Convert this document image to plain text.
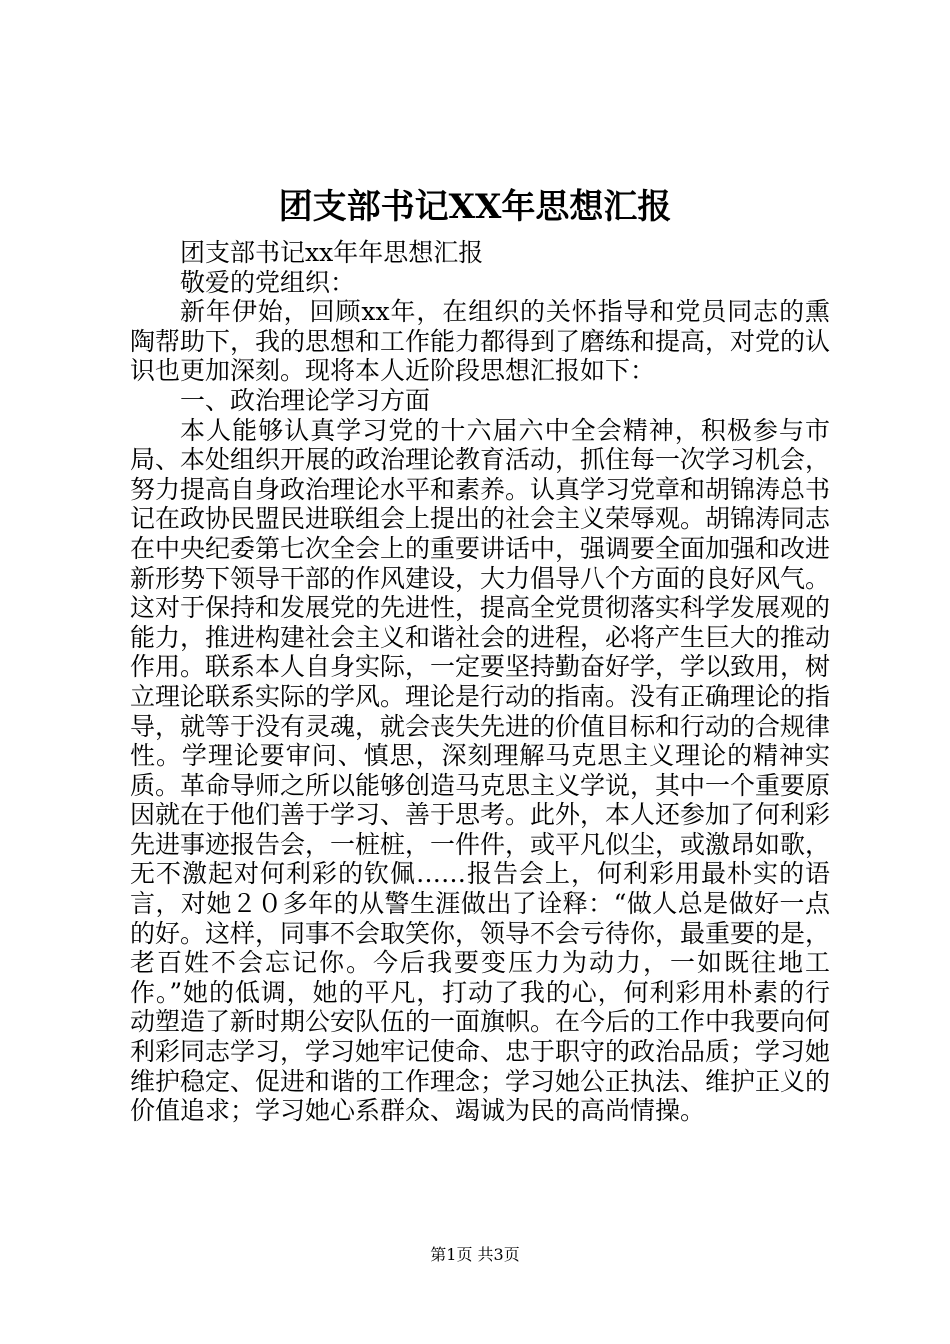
团支部书记XX年思想汇报

团支部书记xx年年思想汇报

敬爱的党组织：

新年伊始，回顾xx年，在组织的关怀指导和党员同志的熏陶帮助下，我的思想和工作能力都得到了磨练和提高，对党的认识也更加深刻。现将本人近阶段思想汇报如下：

一、政治理论学习方面

本人能够认真学习党的十六届六中全会精神，积极参与市局、本处组织开展的政治理论教育活动，抓住每一次学习机会，努力提高自身政治理论水平和素养。认真学习党章和胡锦涛总书记在政协民盟民进联组会上提出的社会主义荣辱观。胡锦涛同志在中央纪委第七次全会上的重要讲话中，强调要全面加强和改进新形势下领导干部的作风建设，大力倡导八个方面的良好风气。这对于保持和发展党的先进性，提高全党贯彻落实科学发展观的能力，推进构建社会主义和谐社会的进程，必将产生巨大的推动作用。联系本人自身实际，一定要坚持勤奋好学，学以致用，树立理论联系实际的学风。理论是行动的指南。没有正确理论的指导，就等于没有灵魂，就会丧失先进的价值目标和行动的合规律性。学理论要审问、慎思，深刻理解马克思主义理论的精神实质。革命导师之所以能够创造马克思主义学说，其中一个重要原因就在于他们善于学习、善于思考。此外，本人还参加了何利彩先进事迹报告会，一桩桩，一件件，或平凡似尘，或激昂如歌，无不激起对何利彩的钦佩……报告会上，何利彩用最朴实的语言，对她２０多年的从警生涯做出了诠释：“做人总是做好一点的好。这样，同事不会取笑你，领导不会亏待你，最重要的是，老百姓不会忘记你。今后我要变压力为动力，一如既往地工作。”她的低调，她的平凡，打动了我的心，何利彩用朴素的行动塑造了新时期公安队伍的一面旗帜。在今后的工作中我要向何利彩同志学习，学习她牢记使命、忠于职守的政治品质；学习她维护稳定、促进和谐的工作理念；学习她公正执法、维护正义的价值追求；学习她心系群众、竭诚为民的高尚情操。

第1页 共3页
